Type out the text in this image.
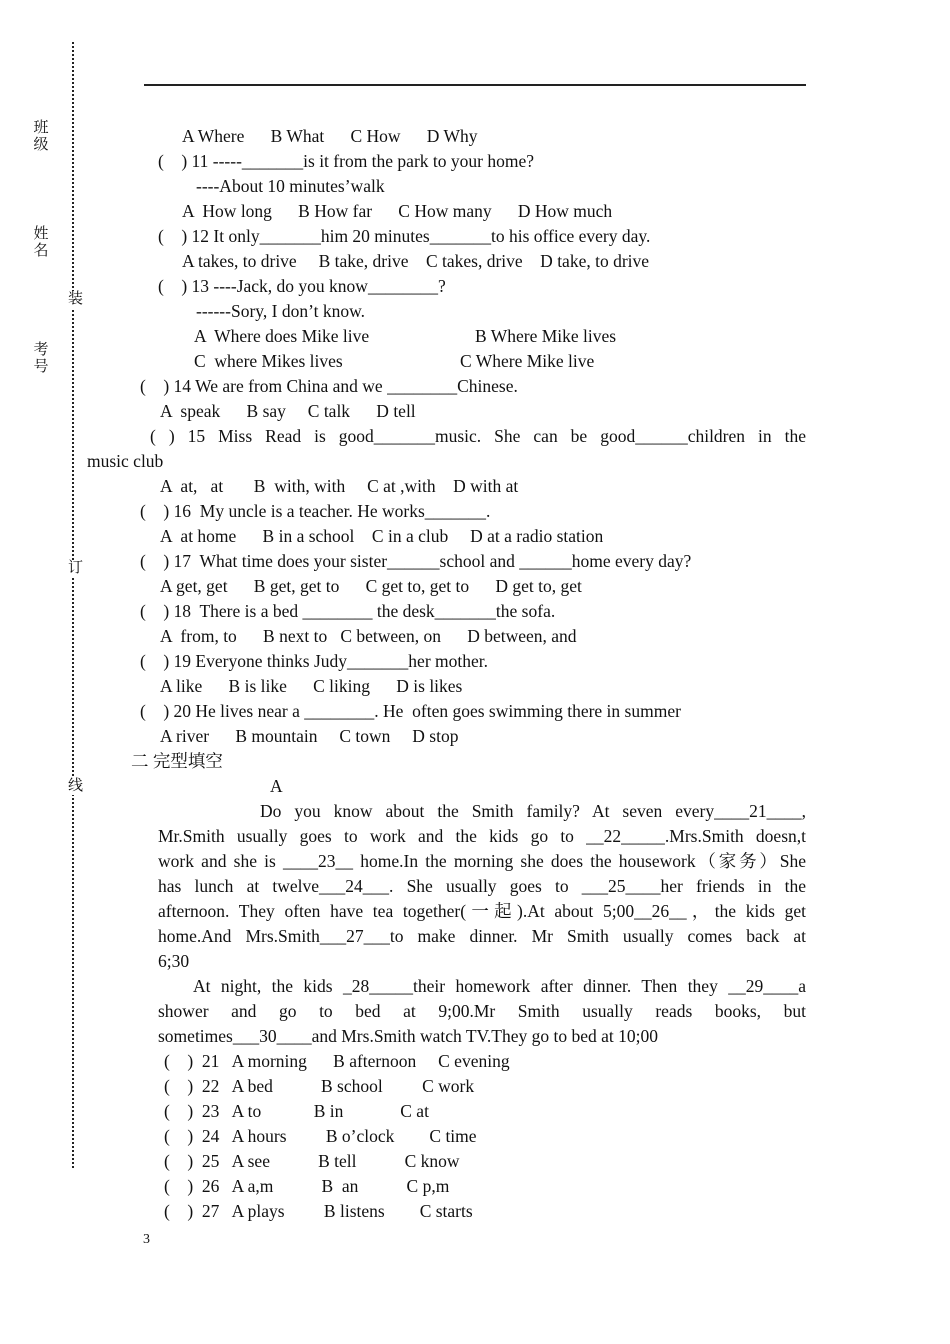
班级
姓名
考号
装
订
线
A Where      B What      C How      D Why
(    ) 11 -----_______is it from the park to your home?
----About 10 minutes’walk
A  How long      B How far      C How many      D How much
(    ) 12 It only_______him 20 minutes_______to his office every day.
A takes, to drive     B take, drive    C takes, drive    D take, to drive
(    ) 13 ----Jack, do you know________?
------Sory, I don’t know.
A  Where does Mike live	B Where Mike lives
C  where Mikes lives	C Where Mike live
(    ) 14 We are from China and we ________Chinese.
A  speak      B say     C talk      D tell
( ) 15 Miss Read is good_______music. She can be good______children in the
music club
A  at,   at       B  with, with     C at ,with    D with at
(    ) 16  My uncle is a teacher. He works_______.
A  at home      B in a school    C in a club     D at a radio station
(    ) 17  What time does your sister______school and ______home every day?
A get, get      B get, get to      C get to, get to      D get to, get
(    ) 18  There is a bed ________ the desk_______the sofa.
A  from, to      B next to   C between, on      D between, and
(    ) 19 Everyone thinks Judy_______her mother.
A like      B is like      C liking      D is likes
(    ) 20 He lives near a ________. He  often goes swimming there in summer
A river      B mountain     C town     D stop
二 完型填空
A
Do you know about the Smith family? At seven every____21____,
Mr.Smith usually goes to work and the kids go to __22_____.Mrs.Smith doesn,t
work and she is ____23__ home.In the morning she does the housework（家务）She
has lunch at twelve___24___. She usually goes to ___25____her friends in the
afternoon. They often have tea together(一起).At about 5;00__26__，the kids get
home.And Mrs.Smith___27___to make dinner. Mr Smith usually comes back at
6;30
At night, the kids _28_____their homework after dinner. Then they __29____a
shower and go to bed at 9;00.Mr Smith usually reads books, but
sometimes___30____and Mrs.Smith watch TV.They go to bed at 10;00
(    )  21   A morning      B afternoon     C evening
(    )  22   A bed           B school         C work
(    )  23   A to            B in             C at
(    )  24   A hours         B o’clock        C time
(    )  25   A see           B tell           C know
(    )  26   A a,m           B  an           C p,m
(    )  27   A plays         B listens        C starts
3
